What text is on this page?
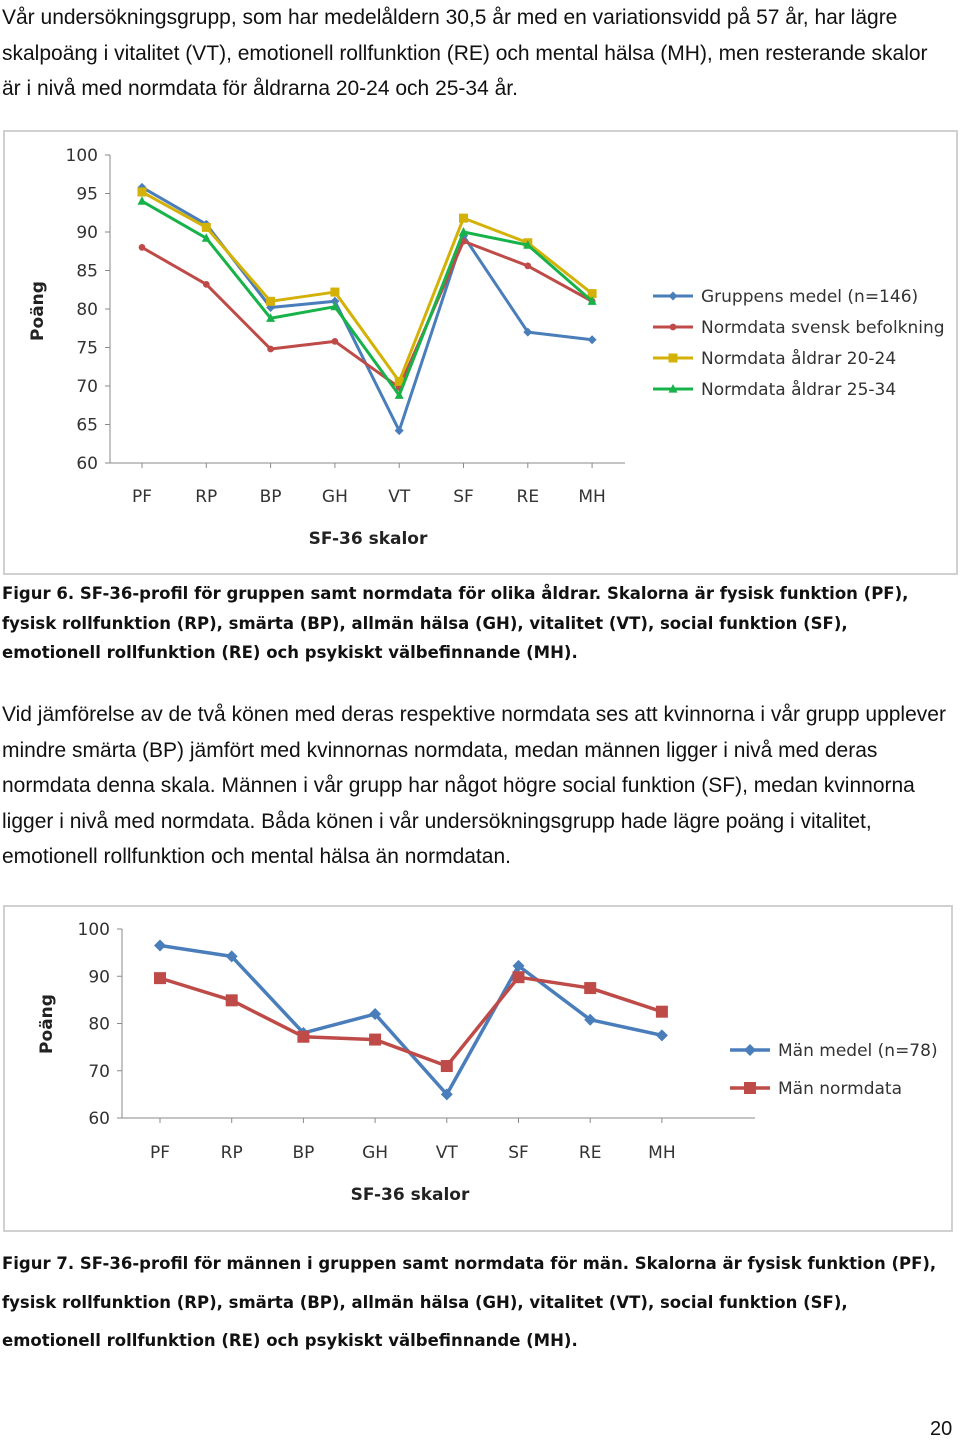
Vår undersökningsgrupp, som har medelåldern 30,5 år med en variationsvidd på 57 år, har lägre skalpoäng i vitalitet (VT), emotionell rollfunktion (RE) och mental hälsa (MH), men resterande skalor är i nivå med normdata för åldrarna 20-24 och 25-34 år.

60
65
70
75
80
85
90
95
100
PF	RP BP GH VT	SF	RE MH
SF-36 skalor
Poäng	Gruppens medel (n=146)
Normdata svensk befolkning
Normdata åldrar 20-24
Normdata åldrar 25-34

Figur 6. SF-36-profil för gruppen samt normdata för olika åldrar. Skalorna är fysisk funktion (PF), fysisk rollfunktion (RP), smärta (BP), allmän hälsa (GH), vitalitet (VT), social funktion (SF), emotionell rollfunktion (RE) och psykiskt välbefinnande (MH).

Vid jämförelse av de två könen med deras respektive normdata ses att kvinnorna i vår grupp upplever mindre smärta (BP) jämfört med kvinnornas normdata, medan männen ligger i nivå med deras normdata denna skala. Männen i vår grupp har något högre social funktion (SF), medan kvinnorna ligger i nivå med normdata. Båda könen i vår undersökningsgrupp hade lägre poäng i vitalitet, emotionell rollfunktion och mental hälsa än normdatan.

60
70
80
90
100
PF	RP	BP	GH	VT	SF	RE	MH
SF-36 skalor
Poäng	Män medel (n=78)
Män normdata

Figur 7. SF-36-profil för männen i gruppen samt normdata för män. Skalorna är fysisk funktion (PF), fysisk rollfunktion (RP), smärta (BP), allmän hälsa (GH), vitalitet (VT), social funktion (SF), emotionell rollfunktion (RE) och psykiskt välbefinnande (MH).

20
